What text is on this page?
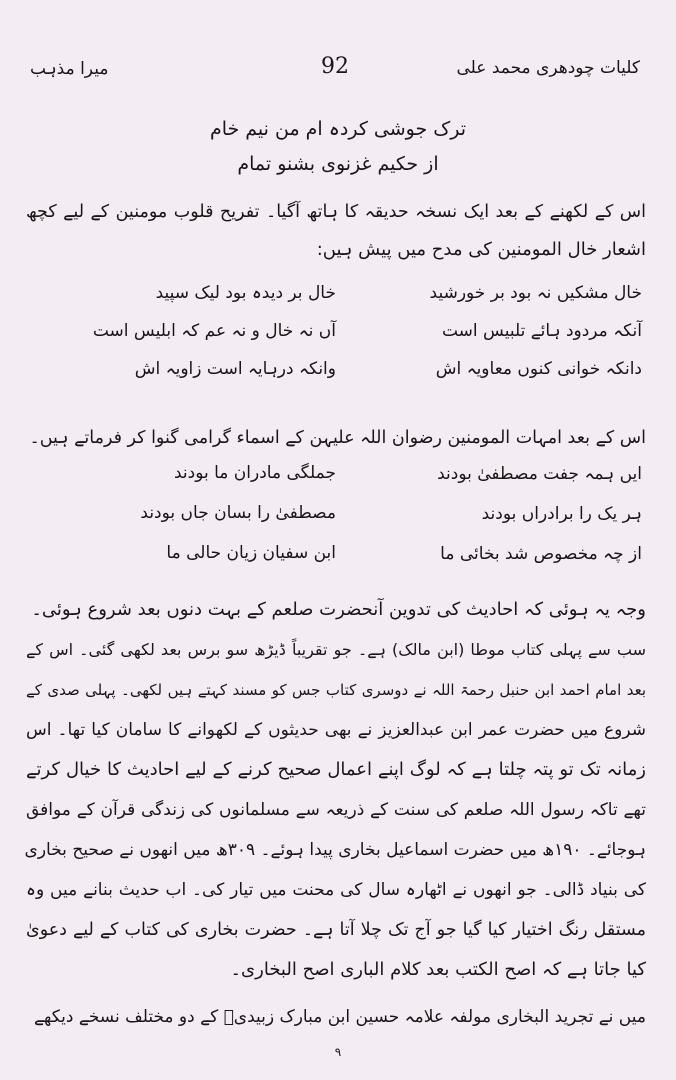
میرا مذہب	92	کلیات چودھری محمد علی
ترک جوشی کردہ ام من نیم خام
از حکیم غزنوی بشنو تمام
اس کے لکھنے کے بعد ایک نسخہ حدیقہ کا ہاتھ آگیا۔ تفریح قلوب مومنین کے لیے کچھ
اشعار خال المومنین کی مدح میں پیش ہیں:
خال مشکیں نہ بود بر خورشید
خال بر دیدہ بود لیک سپید
آنکہ مردود ہائے تلبیس است
آں نہ خال و نہ عم کہ ابلیس است
دانکہ خوانی کنوں معاویہ اش
وانکہ درہایہ است زاویہ اش
اس کے بعد امہات المومنین رضوان اللہ علیہن کے اسماء گرامی گنوا کر فرماتے ہیں۔
ایں ہمہ جفت مصطفیٰ بودند
جملگی مادران ما بودند
ہر یک را برادراں بودند
مصطفیٰ را بسان جاں بودند
از چہ مخصوص شد بخائی ما
ابن سفیان زیان حالی ما
وجہ یہ ہوئی کہ احادیث کی تدوین آنحضرت صلعم کے بہت دنوں بعد شروع ہوئی۔
سب سے پہلی کتاب موطا (ابن مالک) ہے۔ جو تقریباً ڈیڑھ سو برس بعد لکھی گئی۔ اس کے
بعد امام احمد ابن حنبل رحمۃ اللہ نے دوسری کتاب جس کو مسند کہتے ہیں لکھی۔ پہلی صدی کے
شروع میں حضرت عمر ابن عبدالعزیز نے بھی حدیثوں کے لکھوانے کا سامان کیا تھا۔ اس
زمانہ تک تو پتہ چلتا ہے کہ لوگ اپنے اعمال صحیح کرنے کے لیے احادیث کا خیال کرتے
تھے تاکہ رسول اللہ صلعم کی سنت کے ذریعہ سے مسلمانوں کی زندگی قرآن کے موافق
ہوجائے۔ ۱۹۰ھ میں حضرت اسماعیل بخاری پیدا ہوئے۔ ۳۰۹ھ میں انھوں نے صحیح بخاری
کی بنیاد ڈالی۔ جو انھوں نے اٹھارہ سال کی محنت میں تیار کی۔ اب حدیث بنانے میں وہ
مستقل رنگ اختیار کیا گیا جو آج تک چلا آتا ہے۔ حضرت بخاری کی کتاب کے لیے دعویٰ
کیا جاتا ہے کہ اصح الکتب بعد کلام الباری اصح البخاری۔
میں نے تجرید البخاری مولفہ علامہ حسین ابن مبارک زبیدیؒ کے دو مختلف نسخے دیکھے
۹
